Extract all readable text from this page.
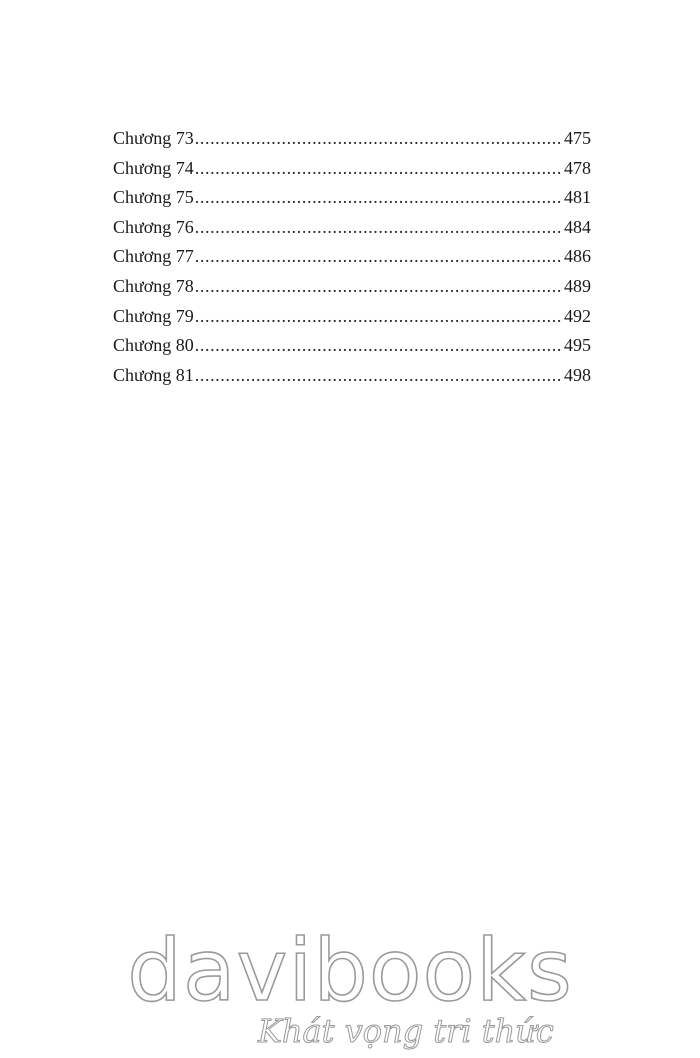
Chương 73 .....	475
Chương 74 .....	478
Chương 75 .....	481
Chương 76 .....	484
Chương 77 .....	486
Chương 78 .....	489
Chương 79 .....	492
Chương 80 .....	495
Chương 81 .....	498
davibooks
Khát vọng tri thức
